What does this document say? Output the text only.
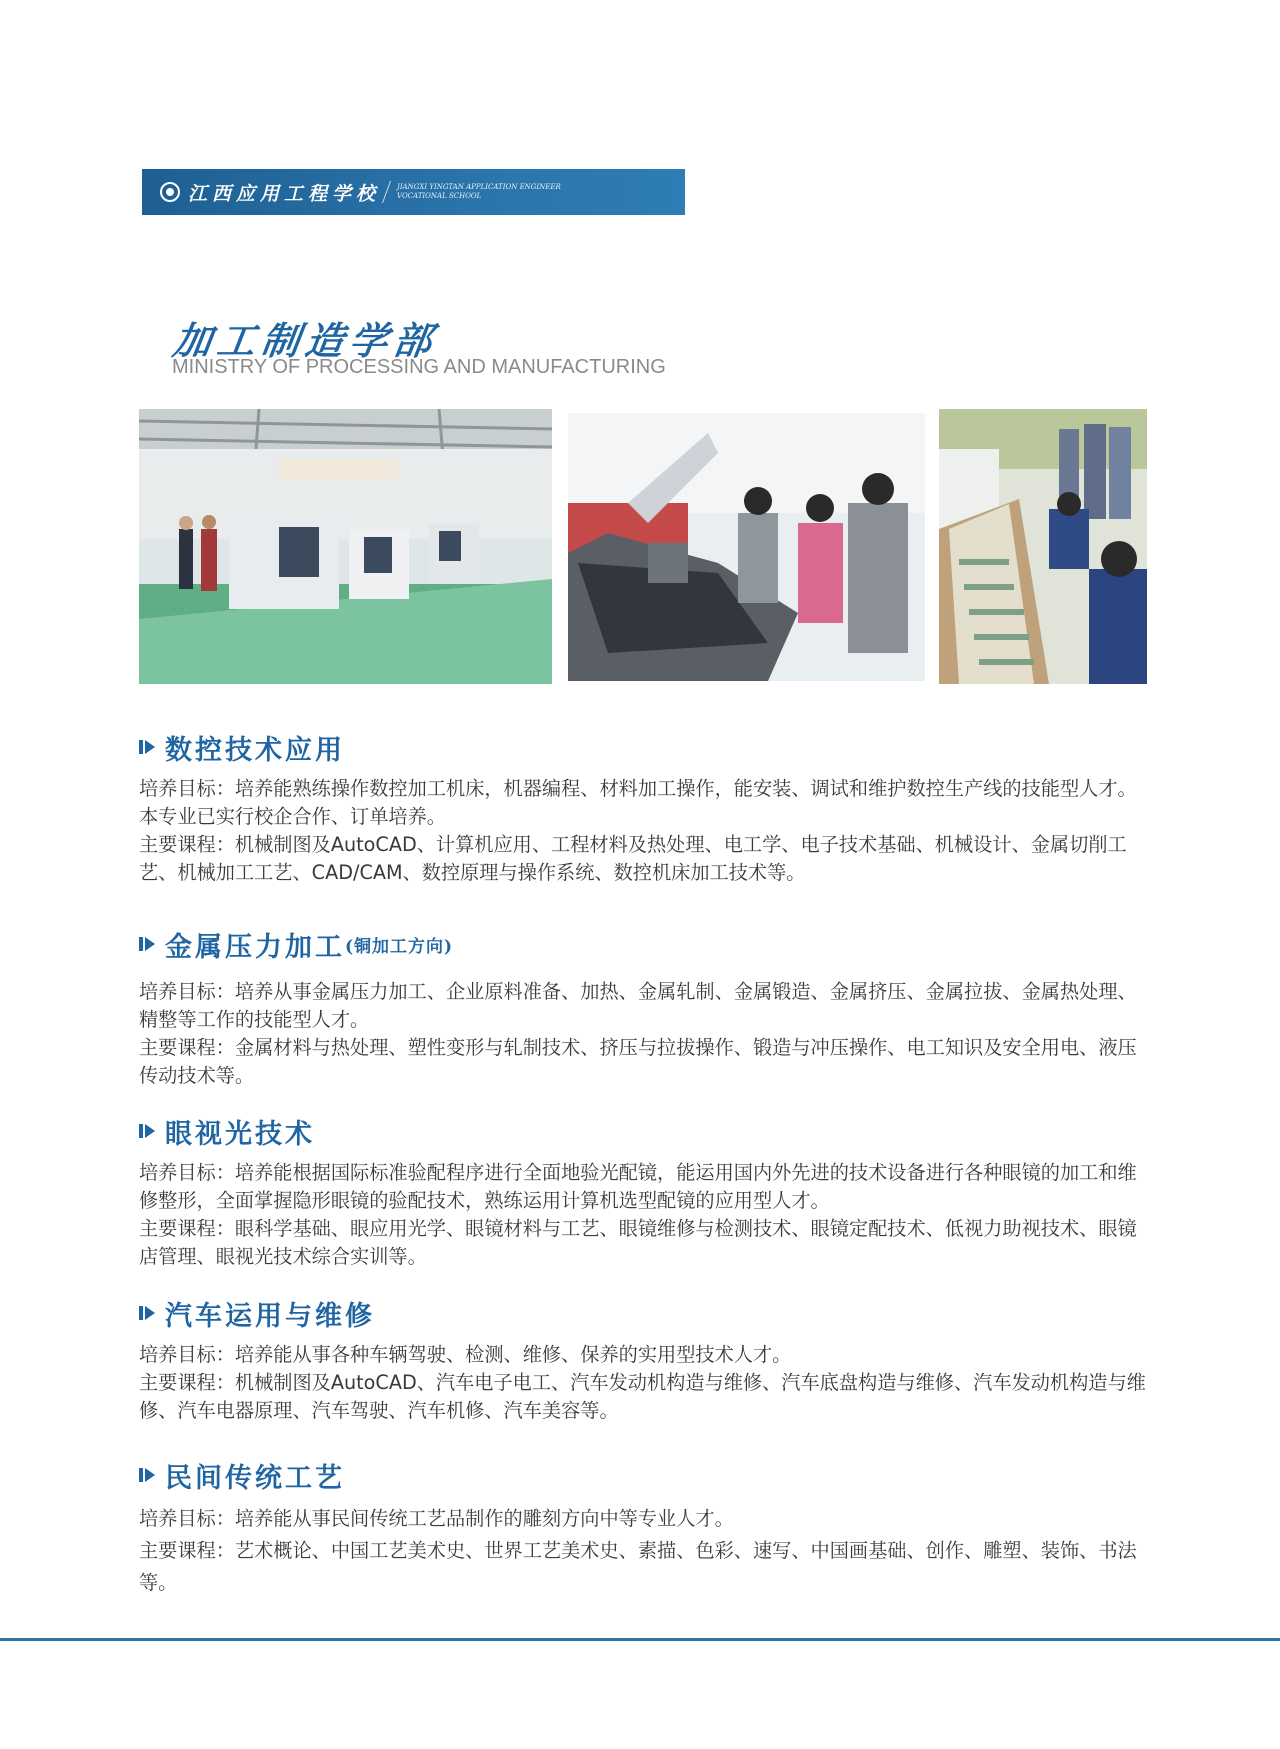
江西应用工程学校 JIANGXI YINGTAN APPLICATION ENGINEER
VOCATIONAL SCHOOL
加工制造学部
MINISTRY OF PROCESSING AND MANUFACTURING
数控技术应用

培养目标：培养能熟练操作数控加工机床，机器编程、材料加工操作，能安装、调试和维护数控生产线的技能型人才。本专业已实行校企合作、订单培养。

主要课程：机械制图及AutoCAD、计算机应用、工程材料及热处理、电工学、电子技术基础、机械设计、金属切削工艺、机械加工工艺、CAD/CAM、数控原理与操作系统、数控机床加工技术等。

金属压力加工 (铜加工方向)

培养目标：培养从事金属压力加工、企业原料准备、加热、金属轧制、金属锻造、金属挤压、金属拉拔、金属热处理、精整等工作的技能型人才。

主要课程：金属材料与热处理、塑性变形与轧制技术、挤压与拉拔操作、锻造与冲压操作、电工知识及安全用电、液压传动技术等。

眼视光技术

培养目标：培养能根据国际标准验配程序进行全面地验光配镜，能运用国内外先进的技术设备进行各种眼镜的加工和维修整形，全面掌握隐形眼镜的验配技术，熟练运用计算机选型配镜的应用型人才。

主要课程：眼科学基础、眼应用光学、眼镜材料与工艺、眼镜维修与检测技术、眼镜定配技术、低视力助视技术、眼镜店管理、眼视光技术综合实训等。

汽车运用与维修

培养目标：培养能从事各种车辆驾驶、检测、维修、保养的实用型技术人才。

主要课程：机械制图及AutoCAD、汽车电子电工、汽车发动机构造与维修、汽车底盘构造与维修、汽车发动机构造与维修、汽车电器原理、汽车驾驶、汽车机修、汽车美容等。

民间传统工艺

培养目标：培养能从事民间传统工艺品制作的雕刻方向中等专业人才。

主要课程：艺术概论、中国工艺美术史、世界工艺美术史、素描、色彩、速写、中国画基础、创作、雕塑、装饰、书法等。
